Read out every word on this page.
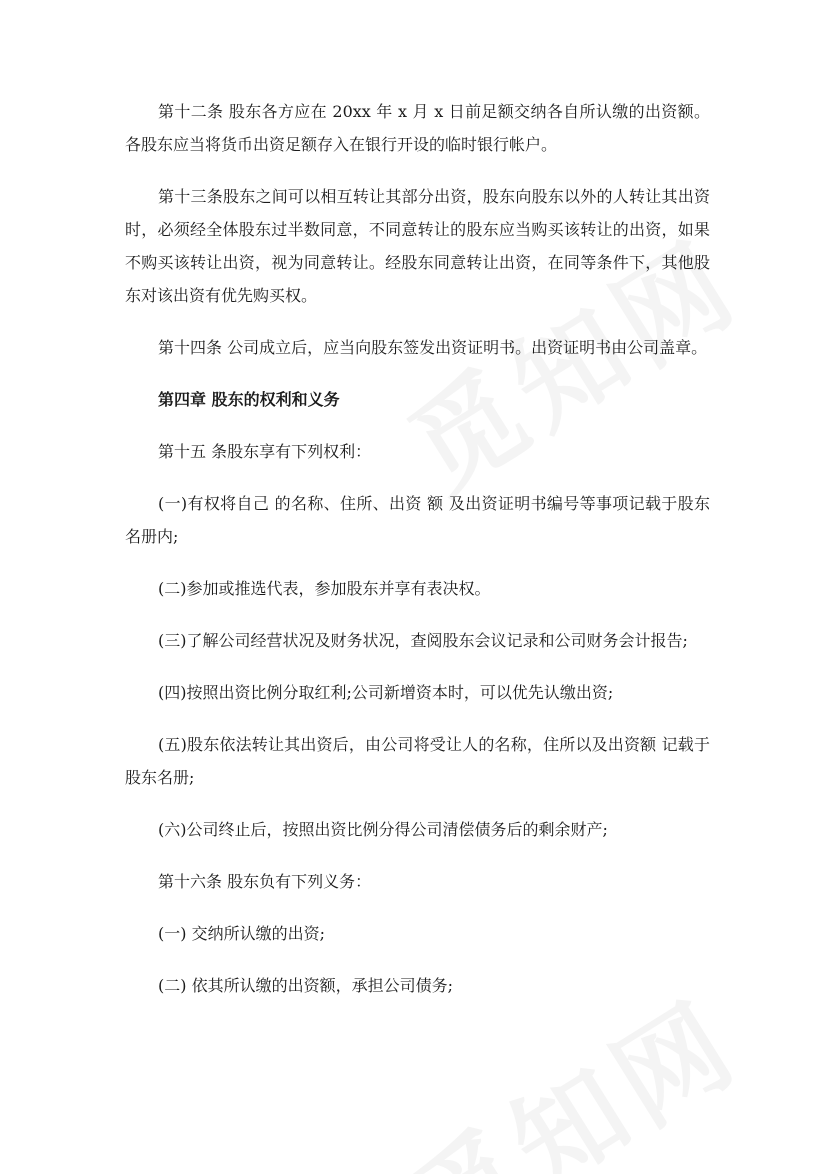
第十二条 股东各方应在 20xx 年 x 月 x 日前足额交纳各自所认缴的出资额。各股东应当将货币出资足额存入在银行开设的临时银行帐户。

第十三条股东之间可以相互转让其部分出资，股东向股东以外的人转让其出资时，必须经全体股东过半数同意，不同意转让的股东应当购买该转让的出资，如果不购买该转让出资，视为同意转让。经股东同意转让出资，在同等条件下，其他股东对该出资有优先购买权。

第十四条 公司成立后，应当向股东签发出资证明书。出资证明书由公司盖章。

第四章 股东的权利和义务

第十五 条股东享有下列权利：

(一)有权将自己 的名称、住所、出资 额 及出资证明书编号等事项记载于股东名册内;

(二)参加或推选代表，参加股东并享有表决权。

(三)了解公司经营状况及财务状况，查阅股东会议记录和公司财务会计报告;

(四)按照出资比例分取红利;公司新增资本时，可以优先认缴出资;

(五)股东依法转让其出资后，由公司将受让人的名称，住所以及出资额 记载于股东名册;

(六)公司终止后，按照出资比例分得公司清偿债务后的剩余财产;

第十六条 股东负有下列义务：

(一) 交纳所认缴的出资;

(二) 依其所认缴的出资额，承担公司债务;
